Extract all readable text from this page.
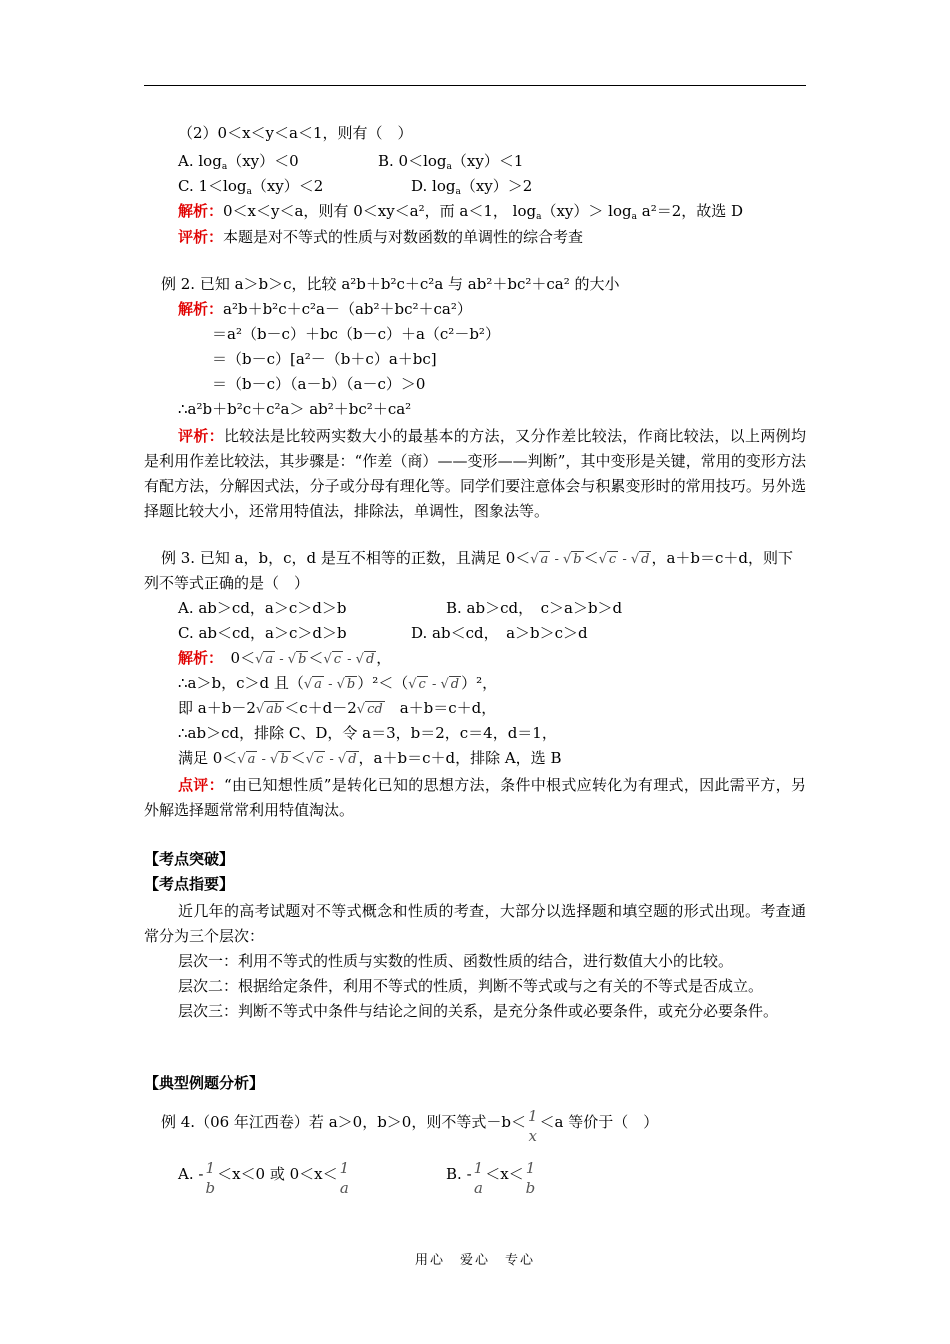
（2）0＜x＜y＜a＜1，则有（　）
A. $\log_a(xy)<0$	B. $0<\log_a(xy)<1$
C. $1<\log_a(xy)<2$	D. $\log_a(xy)>2$
解析：0＜x＜y＜a，则有 0＜xy＜a²，而 a＜1， $\log_a(xy)> \log_a a^2=2$，故选 D
评析：本题是对不等式的性质与对数函数的单调性的综合考查
例 2. 已知 a＞b＞c，比较 a²b＋b²c＋c²a 与 ab²＋bc²＋ca² 的大小
解析：a²b＋b²c＋c²a－（ab²＋bc²＋ca²）
＝a²（b－c）＋bc（b－c）＋a（c²－b²）
＝（b－c）[a²－（b＋c）a＋bc]
＝（b－c）（a－b）（a－c）＞0
∴a²b＋b²c＋c²a＞ ab²＋bc²＋ca²
评析：比较法是比较两实数大小的最基本的方法，又分作差比较法，作商比较法，以上两例均是利用作差比较法，其步骤是：“作差（商）——变形——判断”，其中变形是关键，常用的变形方法有配方法，分解因式法，分子或分母有理化等。同学们要注意体会与积累变形时的常用技巧。另外选择题比较大小，还常用特值法，排除法，单调性，图象法等。
例 3. 已知 a，b，c，d 是互不相等的正数，且满足 0＜√ a - √ b ＜√ c - √ d ，a＋b＝c＋d，则下
列不等式正确的是（　）
A. ab＞cd，a＞c＞d＞b	B. ab＞cd，　c＞a＞b＞d
C. ab＜cd，a＞c＞d＞b	D. ab＜cd，　a＞b＞c＞d
解析：　 0＜√ a - √ b ＜√ c - √ d ，
∴a＞b，c＞d 且（√ a - √ b ）²＜（√ c - √ d ）²，
即 a＋b－2√ ab ＜c＋d－2√ cd　a＋b＝c＋d，
∴ab＞cd，排除 C、D，令 a＝3，b＝2，c＝4，d＝1，
满足 0＜√ a - √ b ＜√ c - √ d ，a＋b＝c＋d，排除 A，选 B
点评：“由已知想性质”是转化已知的思想方法，条件中根式应转化为有理式，因此需平方，另外解选择题常常利用特值淘汰。
【考点突破】
【考点指要】
近几年的高考试题对不等式概念和性质的考查，大部分以选择题和填空题的形式出现。考查通常分为三个层次：
层次一：利用不等式的性质与实数的性质、函数性质的结合，进行数值大小的比较。
层次二：根据给定条件，利用不等式的性质，判断不等式或与之有关的不等式是否成立。
层次三：判断不等式中条件与结论之间的关系，是充分条件或必要条件，或充分必要条件。
【典型例题分析】
例 4.（06 年江西卷）若 a＞0，b＞0，则不等式－b＜ 1
x
＜a 等价于（　）
A. - 1
b
＜x＜0 或 0＜x＜ 1
a
B. - 1
a
＜x＜ 1
b
用心　爱心　专心
